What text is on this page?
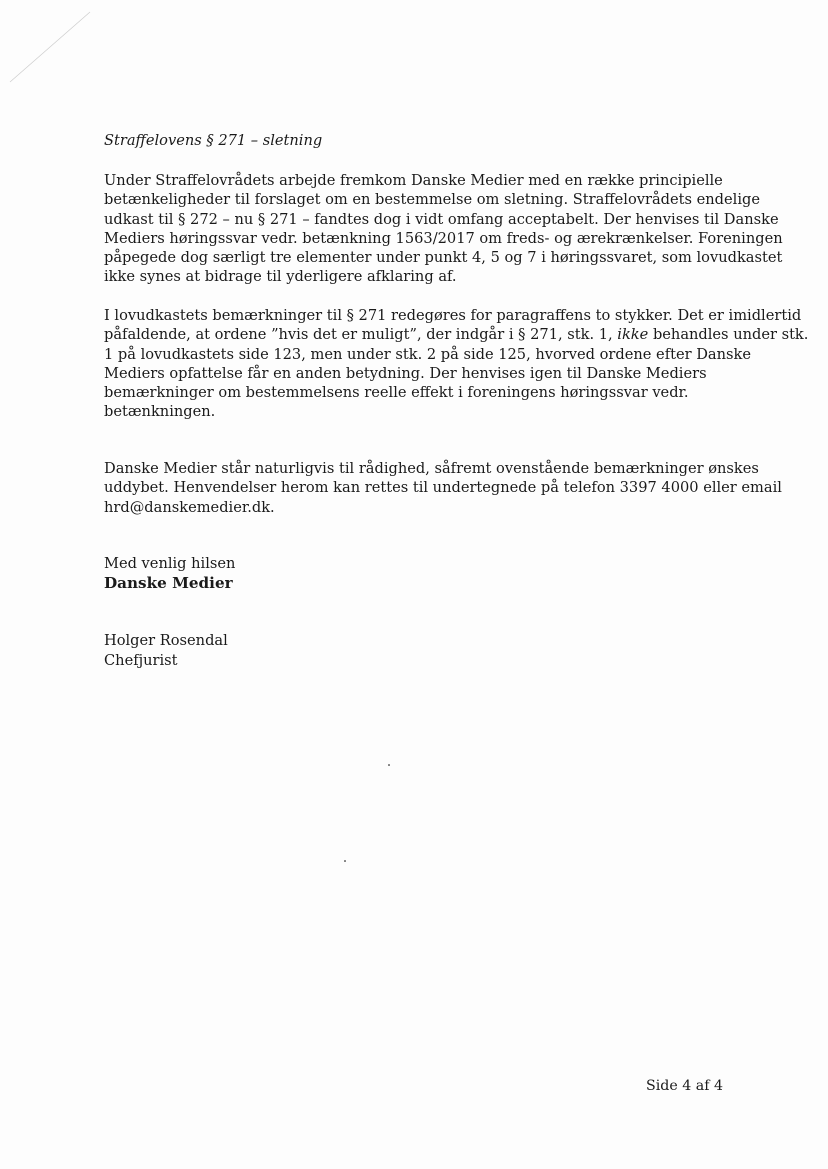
Straffelovens § 271 – sletning

Under Straffelovrådets arbejde fremkom Danske Medier med en række principielle
betænkeligheder til forslaget om en bestemmelse om sletning. Straffelovrådets endelige
udkast til § 272 – nu § 271 – fandtes dog i vidt omfang acceptabelt. Der henvises til Danske
Mediers høringssvar vedr. betænkning 1563/2017 om freds- og ærekrænkelser. Foreningen
påpegede dog særligt tre elementer under punkt 4, 5 og 7 i høringssvaret, som lovudkastet
ikke synes at bidrage til yderligere afklaring af.

I lovudkastets bemærkninger til § 271 redegøres for paragraffens to stykker. Det er imidlertid
påfaldende, at ordene ”hvis det er muligt”, der indgår i § 271, stk. 1, ikke behandles under stk.
1 på lovudkastets side 123, men under stk. 2 på side 125, hvorved ordene efter Danske
Mediers opfattelse får en anden betydning. Der henvises igen til Danske Mediers
bemærkninger om bestemmelsens reelle effekt i foreningens høringssvar vedr.
betænkningen.

Danske Medier står naturligvis til rådighed, såfremt ovenstående bemærkninger ønskes
uddybet. Henvendelser herom kan rettes til undertegnede på telefon 3397 4000 eller email
hrd@danskemedier.dk.

Med venlig hilsen

Danske Medier

Holger Rosendal

Chefjurist

Side 4 af 4
